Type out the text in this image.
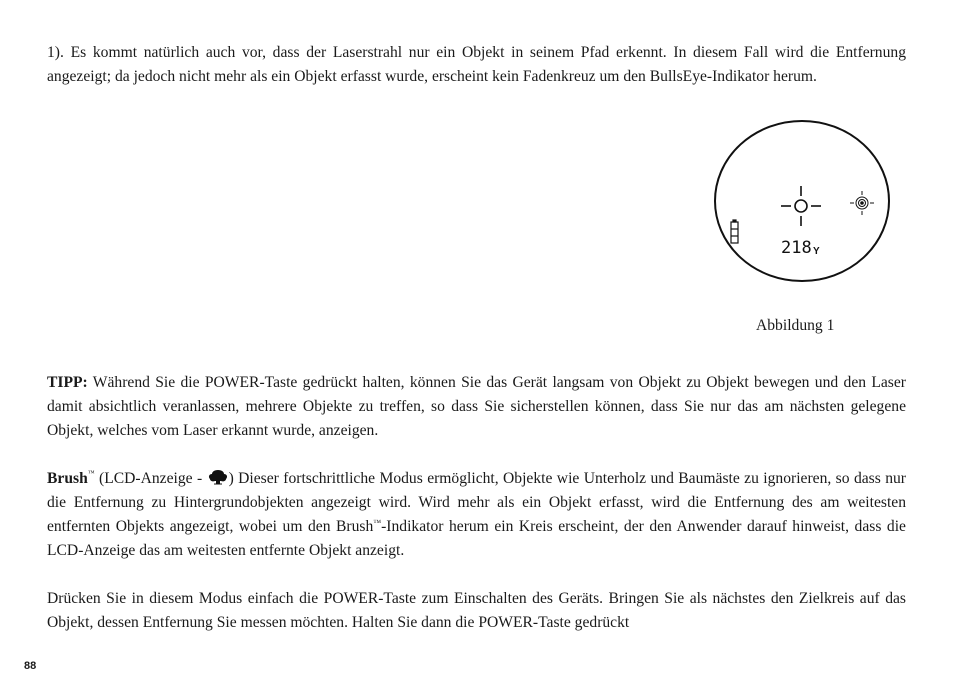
1). Es kommt natürlich auch vor, dass der Laserstrahl nur ein Objekt in seinem Pfad erkennt. In diesem Fall wird die Entfernung angezeigt; da jedoch nicht mehr als ein Objekt erfasst wurde, erscheint kein Fadenkreuz um den BullsEye-Indikator herum.

218 Y

Abbildung 1

TIPP: Während Sie die POWER-Taste gedrückt halten, können Sie das Gerät langsam von Objekt zu Objekt bewegen und den Laser damit absichtlich veranlassen, mehrere Objekte zu treffen, so dass Sie sicherstellen können, dass Sie nur das am nächsten gelegene Objekt, welches vom Laser erkannt wurde, anzeigen.

Brush™ (LCD-Anzeige - ) Dieser fortschrittliche Modus ermöglicht, Objekte wie Unterholz und Baumäste zu ignorieren, so dass nur die Entfernung zu Hintergrundobjekten angezeigt wird. Wird mehr als ein Objekt erfasst, wird die Entfernung des am weitesten entfernten Objekts angezeigt, wobei um den Brush™-Indikator herum ein Kreis erscheint, der den Anwender darauf hinweist, dass die LCD-Anzeige das am weitesten entfernte Objekt anzeigt.

Drücken Sie in diesem Modus einfach die POWER-Taste zum Einschalten des Geräts. Bringen Sie als nächstes den Zielkreis auf das Objekt, dessen Entfernung Sie messen möchten. Halten Sie dann die POWER-Taste gedrückt

88
